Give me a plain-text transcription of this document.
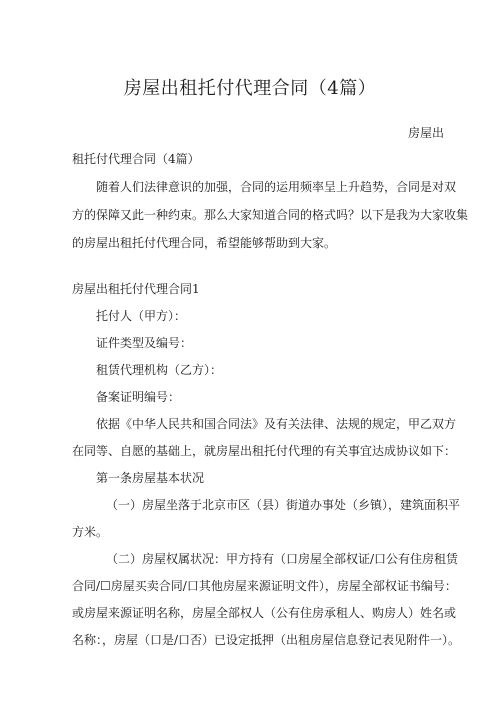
房屋出租托付代理合同（4篇）
房屋出
租托付代理合同（4篇）
随着人们法律意识的加强，合同的运用频率呈上升趋势，合同是对双
方的保障又此一种约束。那么大家知道合同的格式吗？以下是我为大家收集
的房屋出租托付代理合同，希望能够帮助到大家。
房屋出租托付代理合同1
托付人（甲方）：
证件类型及编号：
租赁代理机构（乙方）：
备案证明编号：
依据《中华人民共和国合同法》及有关法律、法规的规定，甲乙双方
在同等、自愿的基础上，就房屋出租托付代理的有关事宜达成协议如下：
第一条房屋基本状况
（一）房屋坐落于北京市区（县）街道办事处（乡镇），建筑面积平
方米。
（二）房屋权属状况：甲方持有（口房屋全部权证/口公有住房租赁
合同/☐房屋买卖合同/口其他房屋来源证明文件），房屋全部权证书编号：
或房屋来源证明名称，房屋全部权人（公有住房承租人、购房人）姓名或
名称：，房屋（口是/口否）已设定抵押（出租房屋信息登记表见附件一）。
